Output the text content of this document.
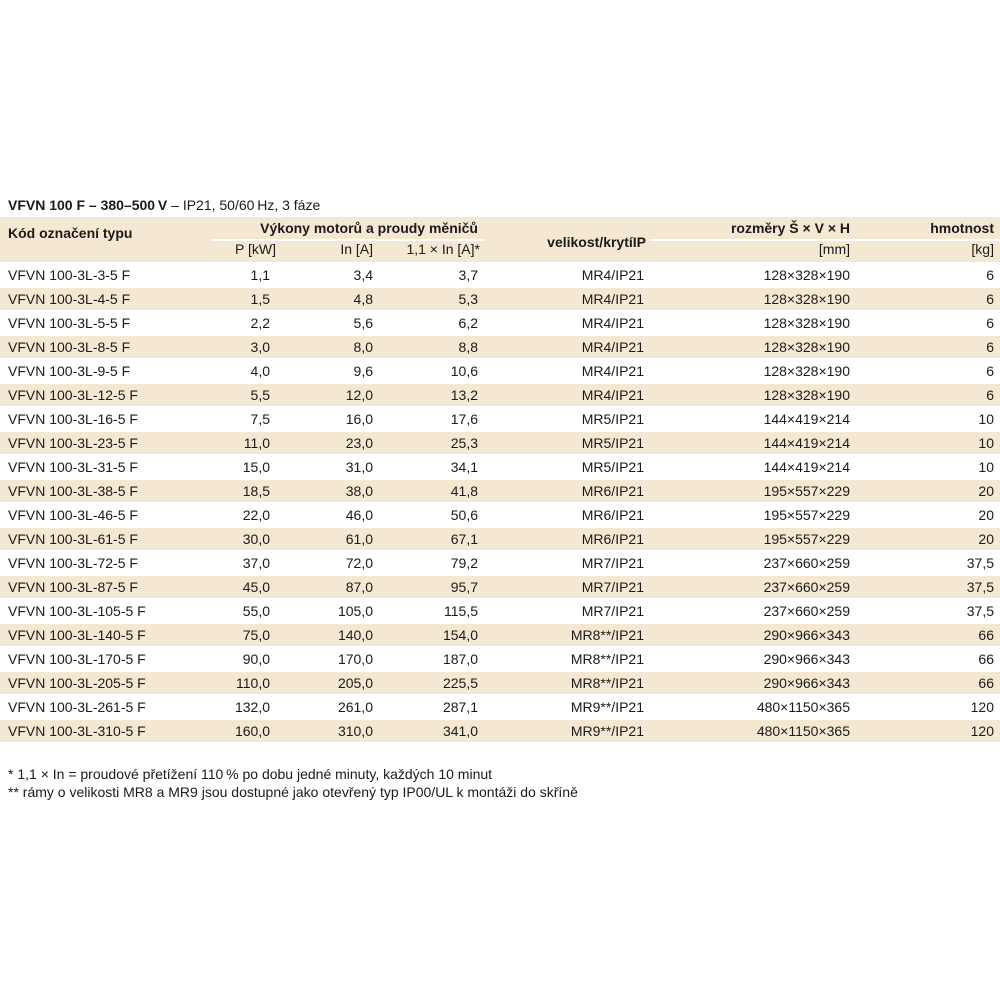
VFVN 100 F – 380–500 V – IP21, 50/60 Hz, 3 fáze
Kód označení typu	Výkony motorů a proudy měničů			velikost/krytíIP	rozměry Š × V × H	hmotnost
	P [kW]	In [A]	1,1 × In [A]*		[mm]	[kg]
VFVN 100-3L-3-5 F	1,1	3,4	3,7	MR4/IP21	128×328×190	6
VFVN 100-3L-4-5 F	1,5	4,8	5,3	MR4/IP21	128×328×190	6
VFVN 100-3L-5-5 F	2,2	5,6	6,2	MR4/IP21	128×328×190	6
VFVN 100-3L-8-5 F	3,0	8,0	8,8	MR4/IP21	128×328×190	6
VFVN 100-3L-9-5 F	4,0	9,6	10,6	MR4/IP21	128×328×190	6
VFVN 100-3L-12-5 F	5,5	12,0	13,2	MR4/IP21	128×328×190	6
VFVN 100-3L-16-5 F	7,5	16,0	17,6	MR5/IP21	144×419×214	10
VFVN 100-3L-23-5 F	11,0	23,0	25,3	MR5/IP21	144×419×214	10
VFVN 100-3L-31-5 F	15,0	31,0	34,1	MR5/IP21	144×419×214	10
VFVN 100-3L-38-5 F	18,5	38,0	41,8	MR6/IP21	195×557×229	20
VFVN 100-3L-46-5 F	22,0	46,0	50,6	MR6/IP21	195×557×229	20
VFVN 100-3L-61-5 F	30,0	61,0	67,1	MR6/IP21	195×557×229	20
VFVN 100-3L-72-5 F	37,0	72,0	79,2	MR7/IP21	237×660×259	37,5
VFVN 100-3L-87-5 F	45,0	87,0	95,7	MR7/IP21	237×660×259	37,5
VFVN 100-3L-105-5 F	55,0	105,0	115,5	MR7/IP21	237×660×259	37,5
VFVN 100-3L-140-5 F	75,0	140,0	154,0	MR8**/IP21	290×966×343	66
VFVN 100-3L-170-5 F	90,0	170,0	187,0	MR8**/IP21	290×966×343	66
VFVN 100-3L-205-5 F	110,0	205,0	225,5	MR8**/IP21	290×966×343	66
VFVN 100-3L-261-5 F	132,0	261,0	287,1	MR9**/IP21	480×1150×365	120
VFVN 100-3L-310-5 F	160,0	310,0	341,0	MR9**/IP21	480×1150×365	120
* 1,1 × In = proudové přetížení 110 % po dobu jedné minuty, každých 10 minut
** rámy o velikosti MR8 a MR9 jsou dostupné jako otevřený typ IP00/UL k montáži do skříně
